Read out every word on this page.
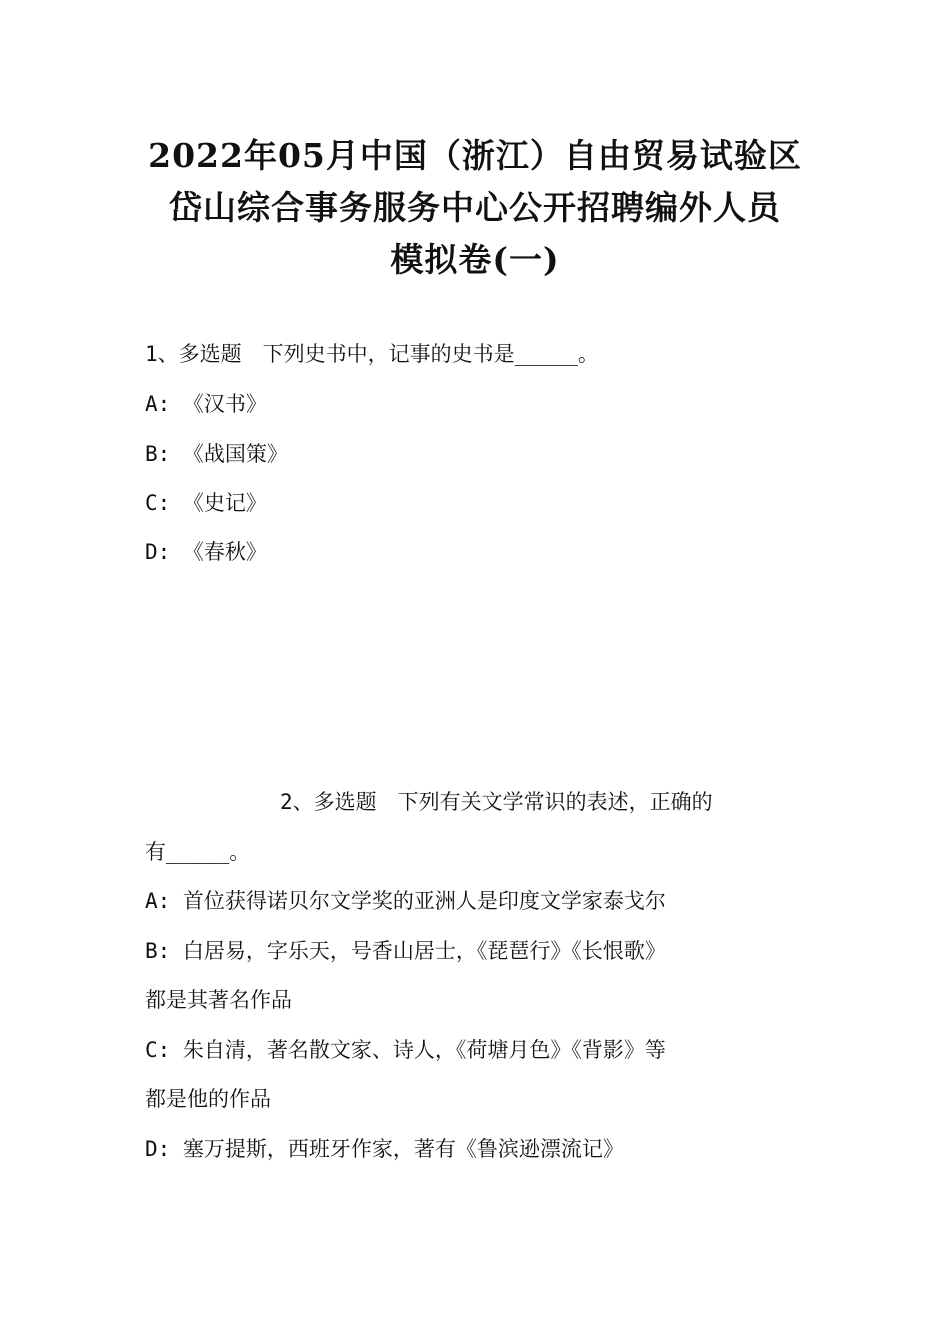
2022年05月中国（浙江）自由贸易试验区
岱山综合事务服务中心公开招聘编外人员
模拟卷(一)
1、多选题　下列史书中，记事的史书是_____。
A: 《汉书》
B: 《战国策》
C: 《史记》
D: 《春秋》
2、多选题　下列有关文学常识的表述，正确的
有_____。
A: 首位获得诺贝尔文学奖的亚洲人是印度文学家泰戈尔
B: 白居易，字乐天，号香山居士，《琵琶行》《长恨歌》
都是其著名作品
C: 朱自清，著名散文家、诗人，《荷塘月色》《背影》等
都是他的作品
D: 塞万提斯，西班牙作家，著有《鲁滨逊漂流记》
